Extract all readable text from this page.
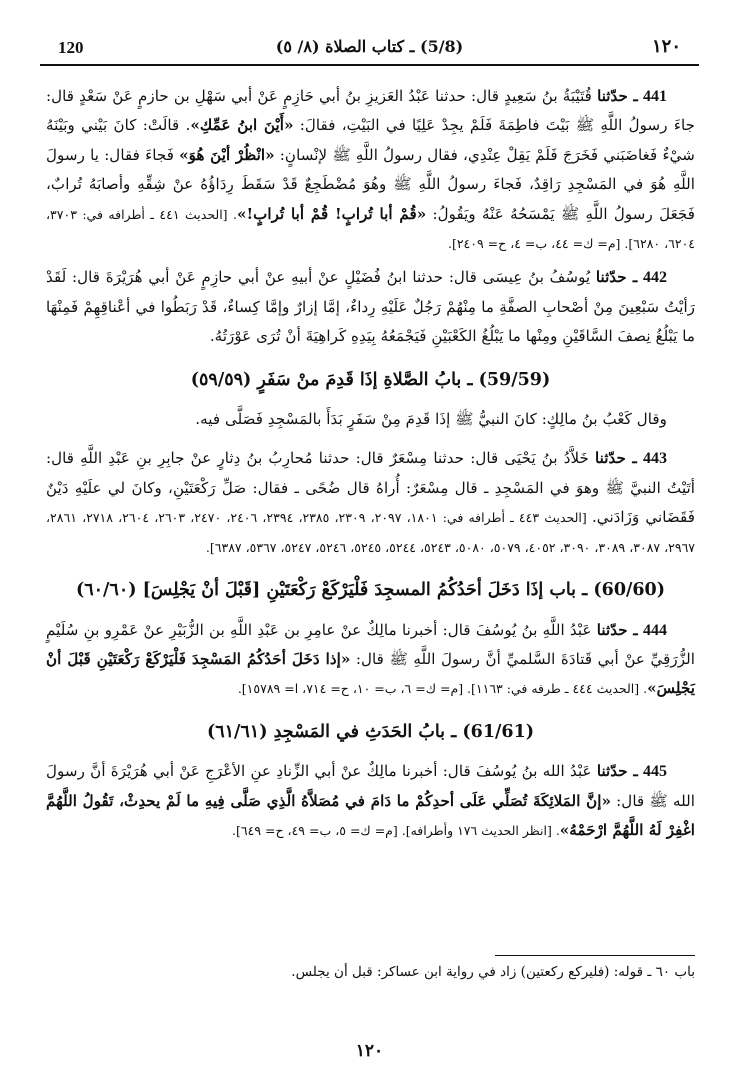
120	(5/8) ـ كتاب الصلاة (٨/ ٥)	١٢٠

441 ـ حدّثنا قُتَيْبَةُ بنُ سَعِيدٍ قال: حدثنا عَبْدُ العَزيزِ بنُ أبي حَازِمٍ عَنْ أبي سَهْلِ بن حازمٍ عَنْ سَعْدٍ قال: جاءَ رسولُ اللَّهِ ﷺ بَيْتَ فاطِمَةَ فَلَمْ يجِدْ عَلِيًا في البَيْتِ، فقالَ: «أَيْنَ ابنُ عَمِّكِ». قالَتْ: كانَ بَيْني وبَيْنَهُ شيْءٌ فَغاضَبَني فَخَرَجَ فَلَمْ يَقِلْ عِنْدِي، فقال رسولُ اللَّهِ ﷺ لإنْسانٍ: «انْظُرْ أيْنَ هُوَ» فَجاءَ فقال: يا رسولَ اللَّهِ هُوَ في المَسْجِدِ رَاقِدٌ، فَجاءَ رسولُ اللَّهِ ﷺ وهُوَ مُضْطَجِعٌ قَدْ سَقَطَ رِدَاؤُهُ عنْ شِقِّهِ وأصابَهُ تُرابٌ، فَجَعَلَ رسولُ اللَّهِ ﷺ يَمْسَحُهُ عَنْهُ ويَقُولُ: «قُمْ أبا تُرابٍ! قُمْ أبا تُرابٍ!». [الحديث ٤٤١ ـ أطرافه في: ٣٧٠٣، ٦٢٠٤، ٦٢٨٠]. [م= ك= ٤٤، ب= ٤، ح= ٢٤٠٩].

442 ـ حدّثنا يُوسُفُ بنُ عِيسَى قال: حدثنا ابنُ فُضَيْلٍ عنْ أبيهِ عنْ أبي حازِمٍ عَنْ أبي هُرَيْرَةَ قال: لَقَدْ رَأيْتُ سَبْعِينَ مِنْ أصْحابِ الصفَّةِ ما مِنْهُمْ رَجُلٌ عَلَيْهِ رِداءٌ، إمَّا إزارٌ وإمَّا كِساءٌ، قَدْ رَبَطُوا في أعْناقِهِمْ فَمِنْهَا ما يَبْلُغُ نِصفَ السَّاقَيْنِ ومِنْها ما يَبْلُغُ الكَعْبَيْنِ فَيَجْمَعُهُ بِيَدِهِ كَراهِيَةَ أنْ تُرَى عَوْرَتُهُ.

(59/59) ـ بابُ الصَّلاةِ إذَا قَدِمَ منْ سَفَرٍ (٥٩/٥٩)

وقال كَعْبُ بنُ مالِكٍ: كانَ النبيُّ ﷺ إذَا قَدِمَ مِنْ سَفَرٍ بَدَأَ بالمَسْجِدِ فَصَلَّى فيه.

443 ـ حدّثنا خَلاَّدُ بنُ يَحْيَى قال: حدثنا مِسْعَرٌ قال: حدثنا مُحارِبُ بنُ دِثارٍ عنْ جابِرِ بنِ عَبْدِ اللَّهِ قال: أتَيْتُ النبيَّ ﷺ وهوَ في المَسْجِدِ ـ قال مِسْعَرٌ: أُراهُ قال ضُحًى ـ فقال: صَلِّ رَكْعَتَيْنِ، وكانَ لي علَيْهِ دَيْنٌ فَقَضَاني وَزَادَني. [الحديث ٤٤٣ ـ أطرافه في: ١٨٠١، ٢٠٩٧، ٢٣٠٩، ٢٣٨٥، ٢٣٩٤، ٢٤٠٦، ٢٤٧٠، ٢٦٠٣، ٢٦٠٤، ٢٧١٨، ٢٨٦١، ٢٩٦٧، ٣٠٨٧، ٣٠٨٩، ٣٠٩٠، ٤٠٥٢، ٥٠٧٩، ٥٠٨٠، ٥٢٤٣، ٥٢٤٤، ٥٢٤٥، ٥٢٤٦، ٥٢٤٧، ٥٣٦٧، ٦٣٨٧].

(60/60) ـ باب إذَا دَخَلَ أحَدُكُمُ المسجِدَ فَلْيَرْكَعْ رَكْعَتَيْنِ [قَبْلَ أنْ يَجْلِسَ] (٦٠/٦٠)

444 ـ حدّثنا عَبْدُ اللَّهِ بنُ يُوسُفَ قال: أخبرنا مالِكٌ عنْ عامِرِ بن عَبْدِ اللَّهِ بن الزُّبَيْرِ عنْ عَمْرِو بنِ سُلَيْمٍ الزُّرَقِيِّ عنْ أبي قَتادَةَ السَّلميِّ أنَّ رسولَ اللَّهِ ﷺ قال: «إذا دَخَلَ أحَدُكُمُ المَسْجِدَ فَلْيَرْكَعْ رَكْعَتَيْنِ قَبْلَ أنْ يَجْلِسَ». [الحديث ٤٤٤ ـ طرفه في: ١١٦٣]. [م= ك= ٦، ب= ١٠، ح= ٧١٤، ا= ١٥٧٨٩].

(61/61) ـ بابُ الحَدَثِ في المَسْجِدِ (٦١/٦١)

445 ـ حدّثنا عَبْدُ الله بنُ يُوسُفَ قال: أخبرنا مالِكٌ عنْ أبي الزِّنادِ عنِ الأعْرَجِ عَنْ أبي هُرَيْرَةَ أنَّ رسولَ الله ﷺ قال: «إنَّ المَلائِكَةَ تُصَلِّي عَلَى أحدِكُمْ ما دَامَ في مُصَلاَّهُ الَّذِي صَلَّى فِيهِ ما لَمْ يحدِثْ، تَقُولُ اللَّهُمَّ اغْفِرْ لَهُ اللَّهُمَّ ارْحَمْهُ». [انظر الحديث ١٧٦ وأطرافه]. [م= ك= ٥، ب= ٤٩، ح= ٦٤٩].

باب ٦٠ ـ قوله: (فليركع ركعتين) زاد في رواية ابن عساكر: قبل أن يجلس.
١٢٠
